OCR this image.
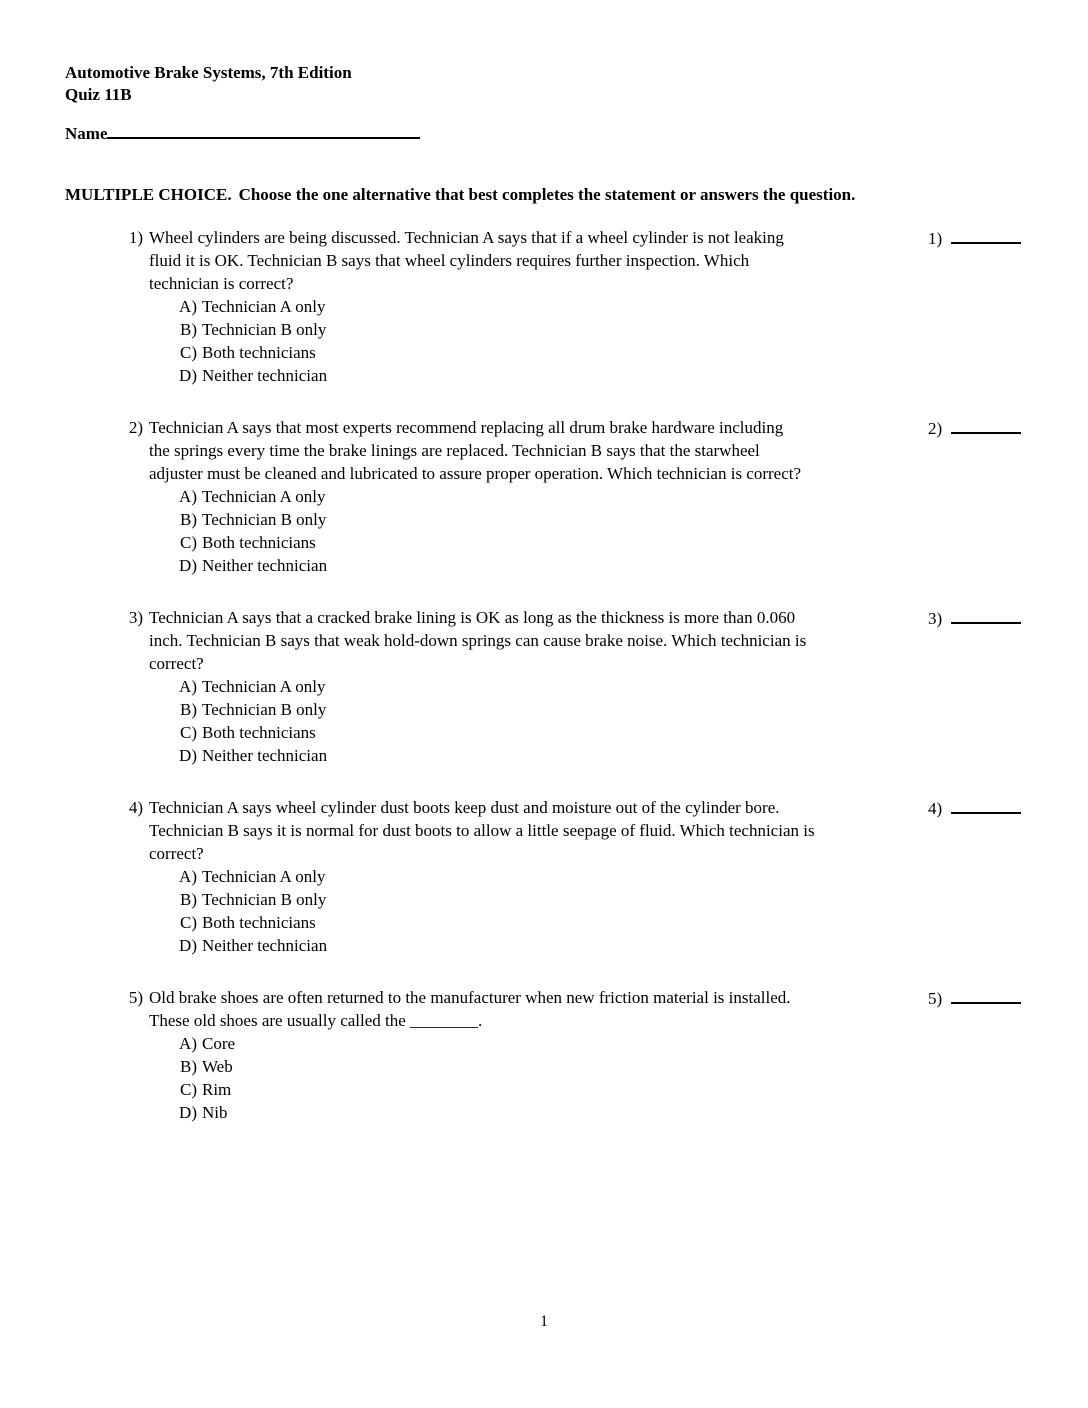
Automotive Brake Systems, 7th Edition
Quiz 11B
Name
MULTIPLE CHOICE. Choose the one alternative that best completes the statement or answers the question.
1) Wheel cylinders are being discussed. Technician A says that if a wheel cylinder is not leaking
fluid it is OK. Technician B says that wheel cylinders requires further inspection. Which
technician is correct?
A) Technician A only
B) Technician B only
C) Both technicians
D) Neither technician
1)
2) Technician A says that most experts recommend replacing all drum brake hardware including
the springs every time the brake linings are replaced. Technician B says that the starwheel
adjuster must be cleaned and lubricated to assure proper operation. Which technician is correct?
A) Technician A only
B) Technician B only
C) Both technicians
D) Neither technician
2)
3) Technician A says that a cracked brake lining is OK as long as the thickness is more than 0.060
inch. Technician B says that weak hold-down springs can cause brake noise. Which technician is
correct?
A) Technician A only
B) Technician B only
C) Both technicians
D) Neither technician
3)
4) Technician A says wheel cylinder dust boots keep dust and moisture out of the cylinder bore.
Technician B says it is normal for dust boots to allow a little seepage of fluid. Which technician is
correct?
A) Technician A only
B) Technician B only
C) Both technicians
D) Neither technician
4)
5) Old brake shoes are often returned to the manufacturer when new friction material is installed.
These old shoes are usually called the ________.
A) Core
B) Web
C) Rim
D) Nib
5)
1
